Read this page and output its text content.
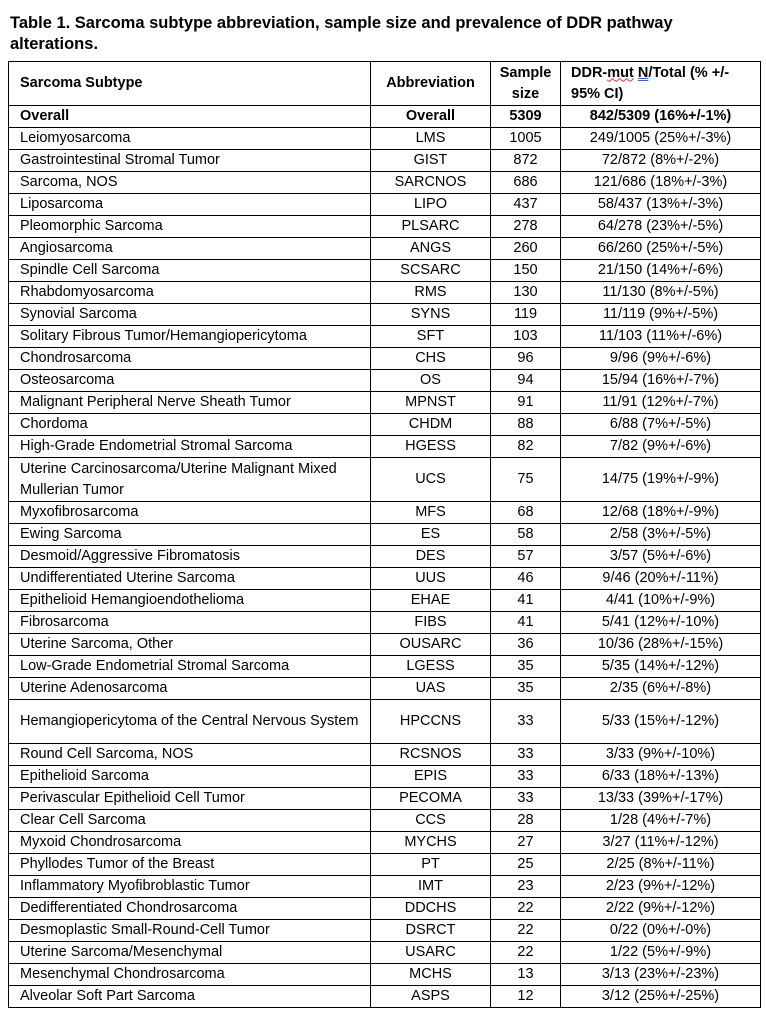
Table 1. Sarcoma subtype abbreviation, sample size and prevalence of DDR pathway alterations.

Sarcoma Subtype	Abbreviation	Sample size	DDR-mut N/Total (% +/- 95% CI)
Overall	Overall	5309	842/5309 (16%+/-1%)
Leiomyosarcoma	LMS	1005	249/1005 (25%+/-3%)
Gastrointestinal Stromal Tumor	GIST	872	72/872 (8%+/-2%)
Sarcoma, NOS	SARCNOS	686	121/686 (18%+/-3%)
Liposarcoma	LIPO	437	58/437 (13%+/-3%)
Pleomorphic Sarcoma	PLSARC	278	64/278 (23%+/-5%)
Angiosarcoma	ANGS	260	66/260 (25%+/-5%)
Spindle Cell Sarcoma	SCSARC	150	21/150 (14%+/-6%)
Rhabdomyosarcoma	RMS	130	11/130 (8%+/-5%)
Synovial Sarcoma	SYNS	119	11/119 (9%+/-5%)
Solitary Fibrous Tumor/Hemangiopericytoma	SFT	103	11/103 (11%+/-6%)
Chondrosarcoma	CHS	96	9/96 (9%+/-6%)
Osteosarcoma	OS	94	15/94 (16%+/-7%)
Malignant Peripheral Nerve Sheath Tumor	MPNST	91	11/91 (12%+/-7%)
Chordoma	CHDM	88	6/88 (7%+/-5%)
High-Grade Endometrial Stromal Sarcoma	HGESS	82	7/82 (9%+/-6%)
Uterine Carcinosarcoma/Uterine Malignant Mixed Mullerian Tumor	UCS	75	14/75 (19%+/-9%)
Myxofibrosarcoma	MFS	68	12/68 (18%+/-9%)
Ewing Sarcoma	ES	58	2/58 (3%+/-5%)
Desmoid/Aggressive Fibromatosis	DES	57	3/57 (5%+/-6%)
Undifferentiated Uterine Sarcoma	UUS	46	9/46 (20%+/-11%)
Epithelioid Hemangioendothelioma	EHAE	41	4/41 (10%+/-9%)
Fibrosarcoma	FIBS	41	5/41 (12%+/-10%)
Uterine Sarcoma, Other	OUSARC	36	10/36 (28%+/-15%)
Low-Grade Endometrial Stromal Sarcoma	LGESS	35	5/35 (14%+/-12%)
Uterine Adenosarcoma	UAS	35	2/35 (6%+/-8%)
Hemangiopericytoma of the Central Nervous System	HPCCNS	33	5/33 (15%+/-12%)
Round Cell Sarcoma, NOS	RCSNOS	33	3/33 (9%+/-10%)
Epithelioid Sarcoma	EPIS	33	6/33 (18%+/-13%)
Perivascular Epithelioid Cell Tumor	PECOMA	33	13/33 (39%+/-17%)
Clear Cell Sarcoma	CCS	28	1/28 (4%+/-7%)
Myxoid Chondrosarcoma	MYCHS	27	3/27 (11%+/-12%)
Phyllodes Tumor of the Breast	PT	25	2/25 (8%+/-11%)
Inflammatory Myofibroblastic Tumor	IMT	23	2/23 (9%+/-12%)
Dedifferentiated Chondrosarcoma	DDCHS	22	2/22 (9%+/-12%)
Desmoplastic Small-Round-Cell Tumor	DSRCT	22	0/22 (0%+/-0%)
Uterine Sarcoma/Mesenchymal	USARC	22	1/22 (5%+/-9%)
Mesenchymal Chondrosarcoma	MCHS	13	3/13 (23%+/-23%)
Alveolar Soft Part Sarcoma	ASPS	12	3/12 (25%+/-25%)
